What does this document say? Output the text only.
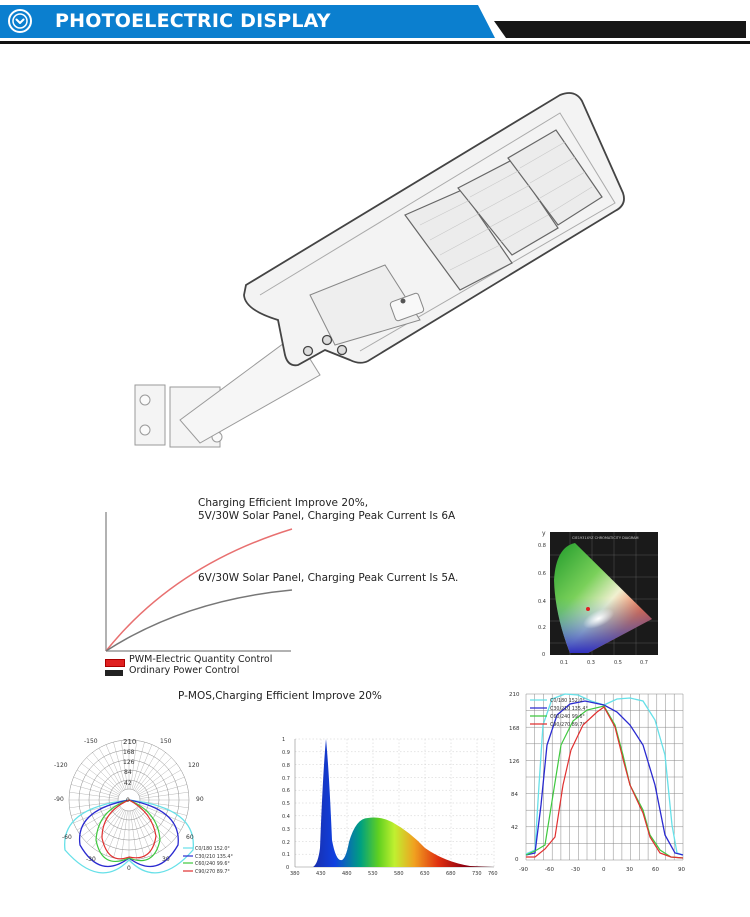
PHOTOELECTRIC DISPLAY
Charging Efficient Improve 20%,
5V/30W Solar Panel, Charging Peak Current Is 6A
6V/30W Solar Panel, Charging Peak Current Is 5A.
PWM-Electric Quantity Control
Ordinary Power Control
P-MOS,Charging Efficient Improve 20%
CIE1931XYZ CHROMATICITY DIAGRAM
y
0.8
0.6
0.4
0.2
0
0.1	0.3	0.5	0.7
210
168
126
84
42
0
-150	150
-120	120
-90	90
-60	60
-30	30
0
C0/180 152.0°
C30/210 135.4°
C60/240 99.6°
C90/270 89.7°
1
0.9
0.8
0.7
0.6
0.5
0.4
0.3
0.2
0.1
0
380	430	480	530	580	630	680	730 760
210
168
126
84
42
0
-90	-60	-30	0	30	60	90
C0/180 152.0°
C30/210 135.4°
C60/240 99.6°
C90/270 89.7°
